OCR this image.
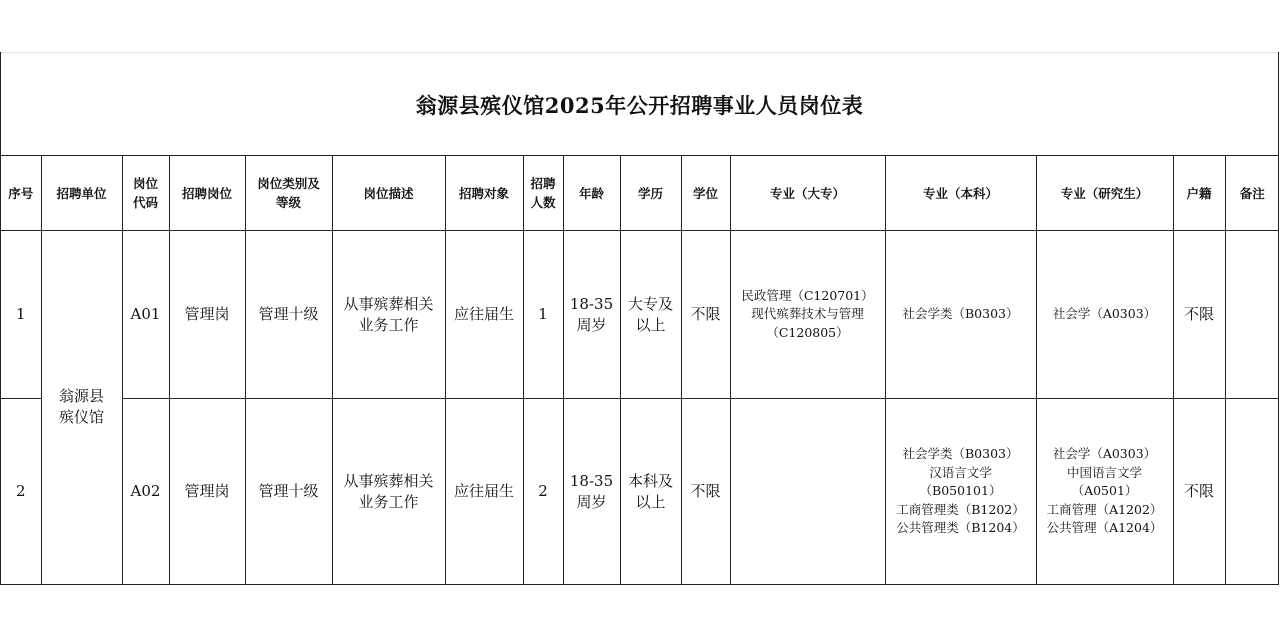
翁源县殡仪馆2025年公开招聘事业人员岗位表
序号	招聘单位	岗位
代码	招聘岗位	岗位类别及
等级	岗位描述	招聘对象	招聘
人数	年龄	学历	学位	专业（大专）	专业（本科）	专业（研究生）	户籍	备注
1	翁源县
殡仪馆	A01	管理岗	管理十级	从事殡葬相关
业务工作	应往届生	1	18-35
周岁	大专及
以上	不限	民政管理（C120701）
现代殡葬技术与管理
（C120805）	社会学类（B0303）	社会学（A0303）	不限	
2		A02	管理岗	管理十级	从事殡葬相关
业务工作	应往届生	2	18-35
周岁	本科及
以上	不限		社会学类（B0303）
汉语言文学
（B050101）
工商管理类（B1202）
公共管理类（B1204）	社会学（A0303）
中国语言文学
（A0501）
工商管理（A1202）
公共管理（A1204）	不限	
